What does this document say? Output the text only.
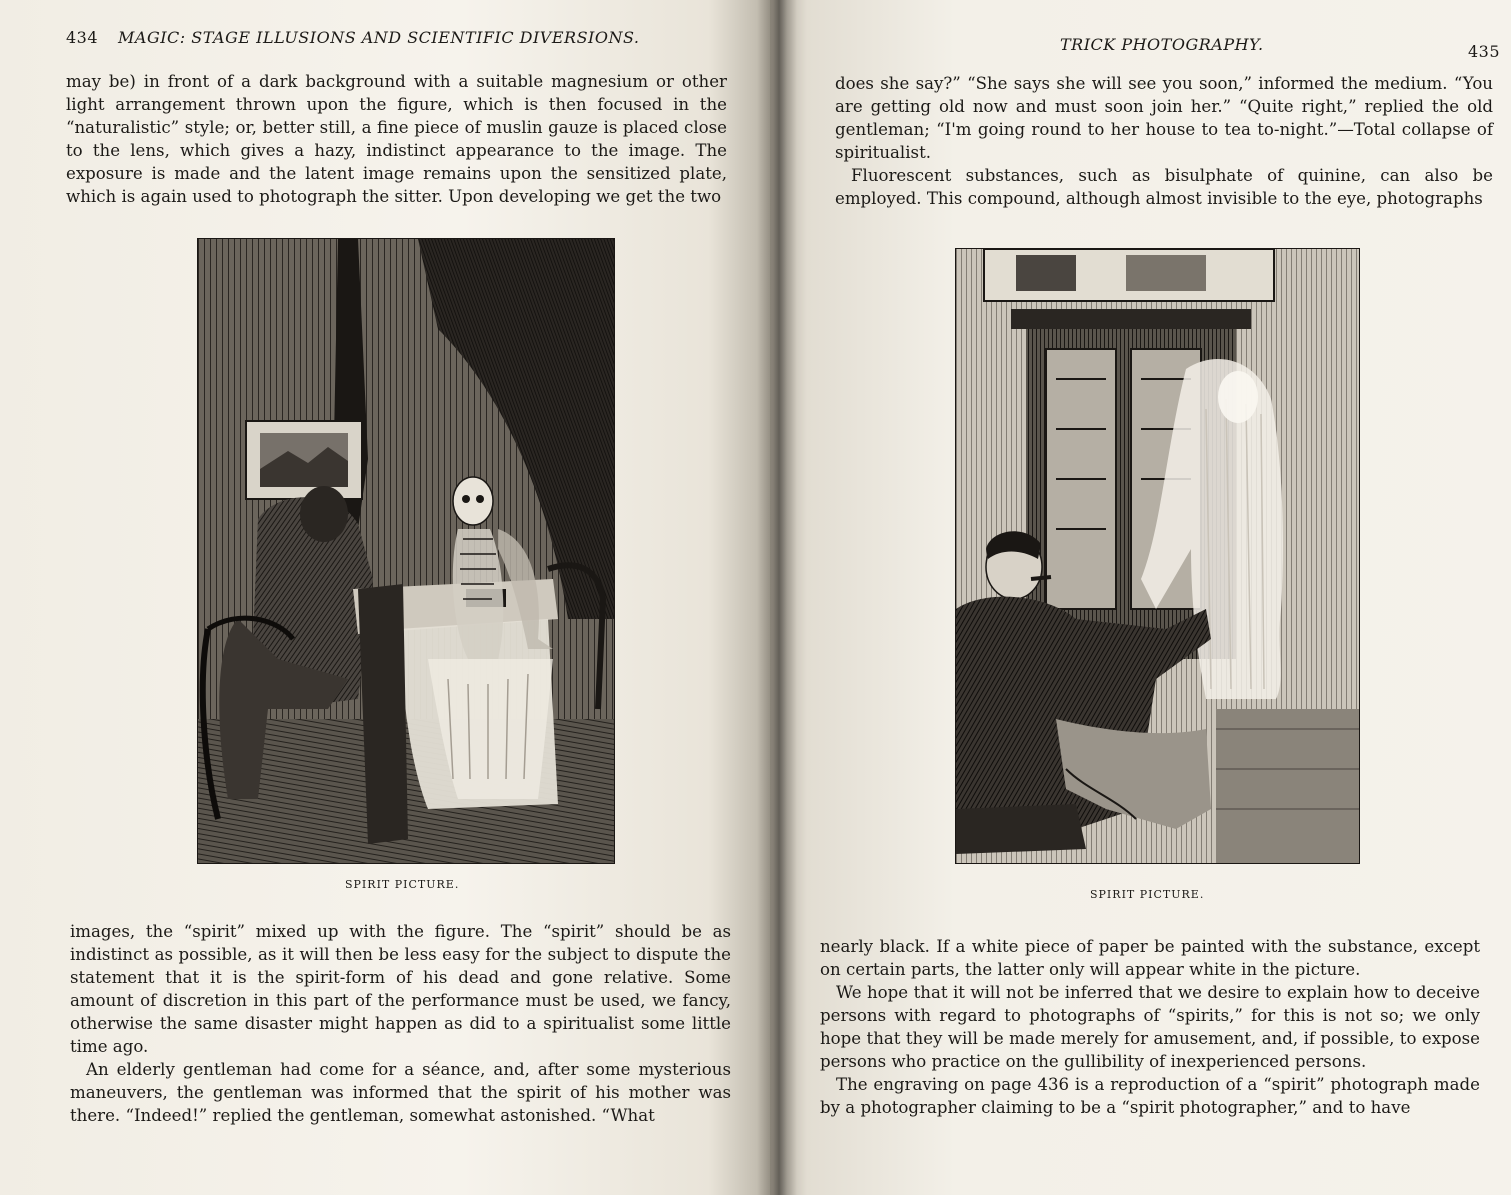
434 MAGIC: STAGE ILLUSIONS AND SCIENTIFIC DIVERSIONS.

may be) in front of a dark background with a suitable magnesium or other light arrangement thrown upon the figure, which is then focused in the “naturalistic” style; or, better still, a fine piece of muslin gauze is placed close to the lens, which gives a hazy, indistinct appearance to the image. The exposure is made and the latent image remains upon the sensitized plate, which is again used to photograph the sitter. Upon developing we get the two

SPIRIT PICTURE.

images, the “spirit” mixed up with the figure. The “spirit” should be as indistinct as possible, as it will then be less easy for the subject to dispute the statement that it is the spirit-form of his dead and gone relative. Some amount of discretion in this part of the performance must be used, we fancy, otherwise the same disaster might happen as did to a spiritualist some little time ago.

An elderly gentleman had come for a séance, and, after some mysterious maneuvers, the gentleman was informed that the spirit of his mother was there. “Indeed!” replied the gentleman, somewhat astonished. “What

TRICK PHOTOGRAPHY.	435

does she say?” “She says she will see you soon,” informed the medium. “You are getting old now and must soon join her.” “Quite right,” replied the old gentleman; “I'm going round to her house to tea to-night.”—Total collapse of spiritualist.

Fluorescent substances, such as bisulphate of quinine, can also be employed. This compound, although almost invisible to the eye, photographs

SPIRIT PICTURE.

nearly black. If a white piece of paper be painted with the substance, except on certain parts, the latter only will appear white in the picture.

We hope that it will not be inferred that we desire to explain how to deceive persons with regard to photographs of “spirits,” for this is not so; we only hope that they will be made merely for amusement, and, if possible, to expose persons who practice on the gullibility of inexperienced persons.

The engraving on page 436 is a reproduction of a “spirit” photograph made by a photographer claiming to be a “spirit photographer,” and to have
